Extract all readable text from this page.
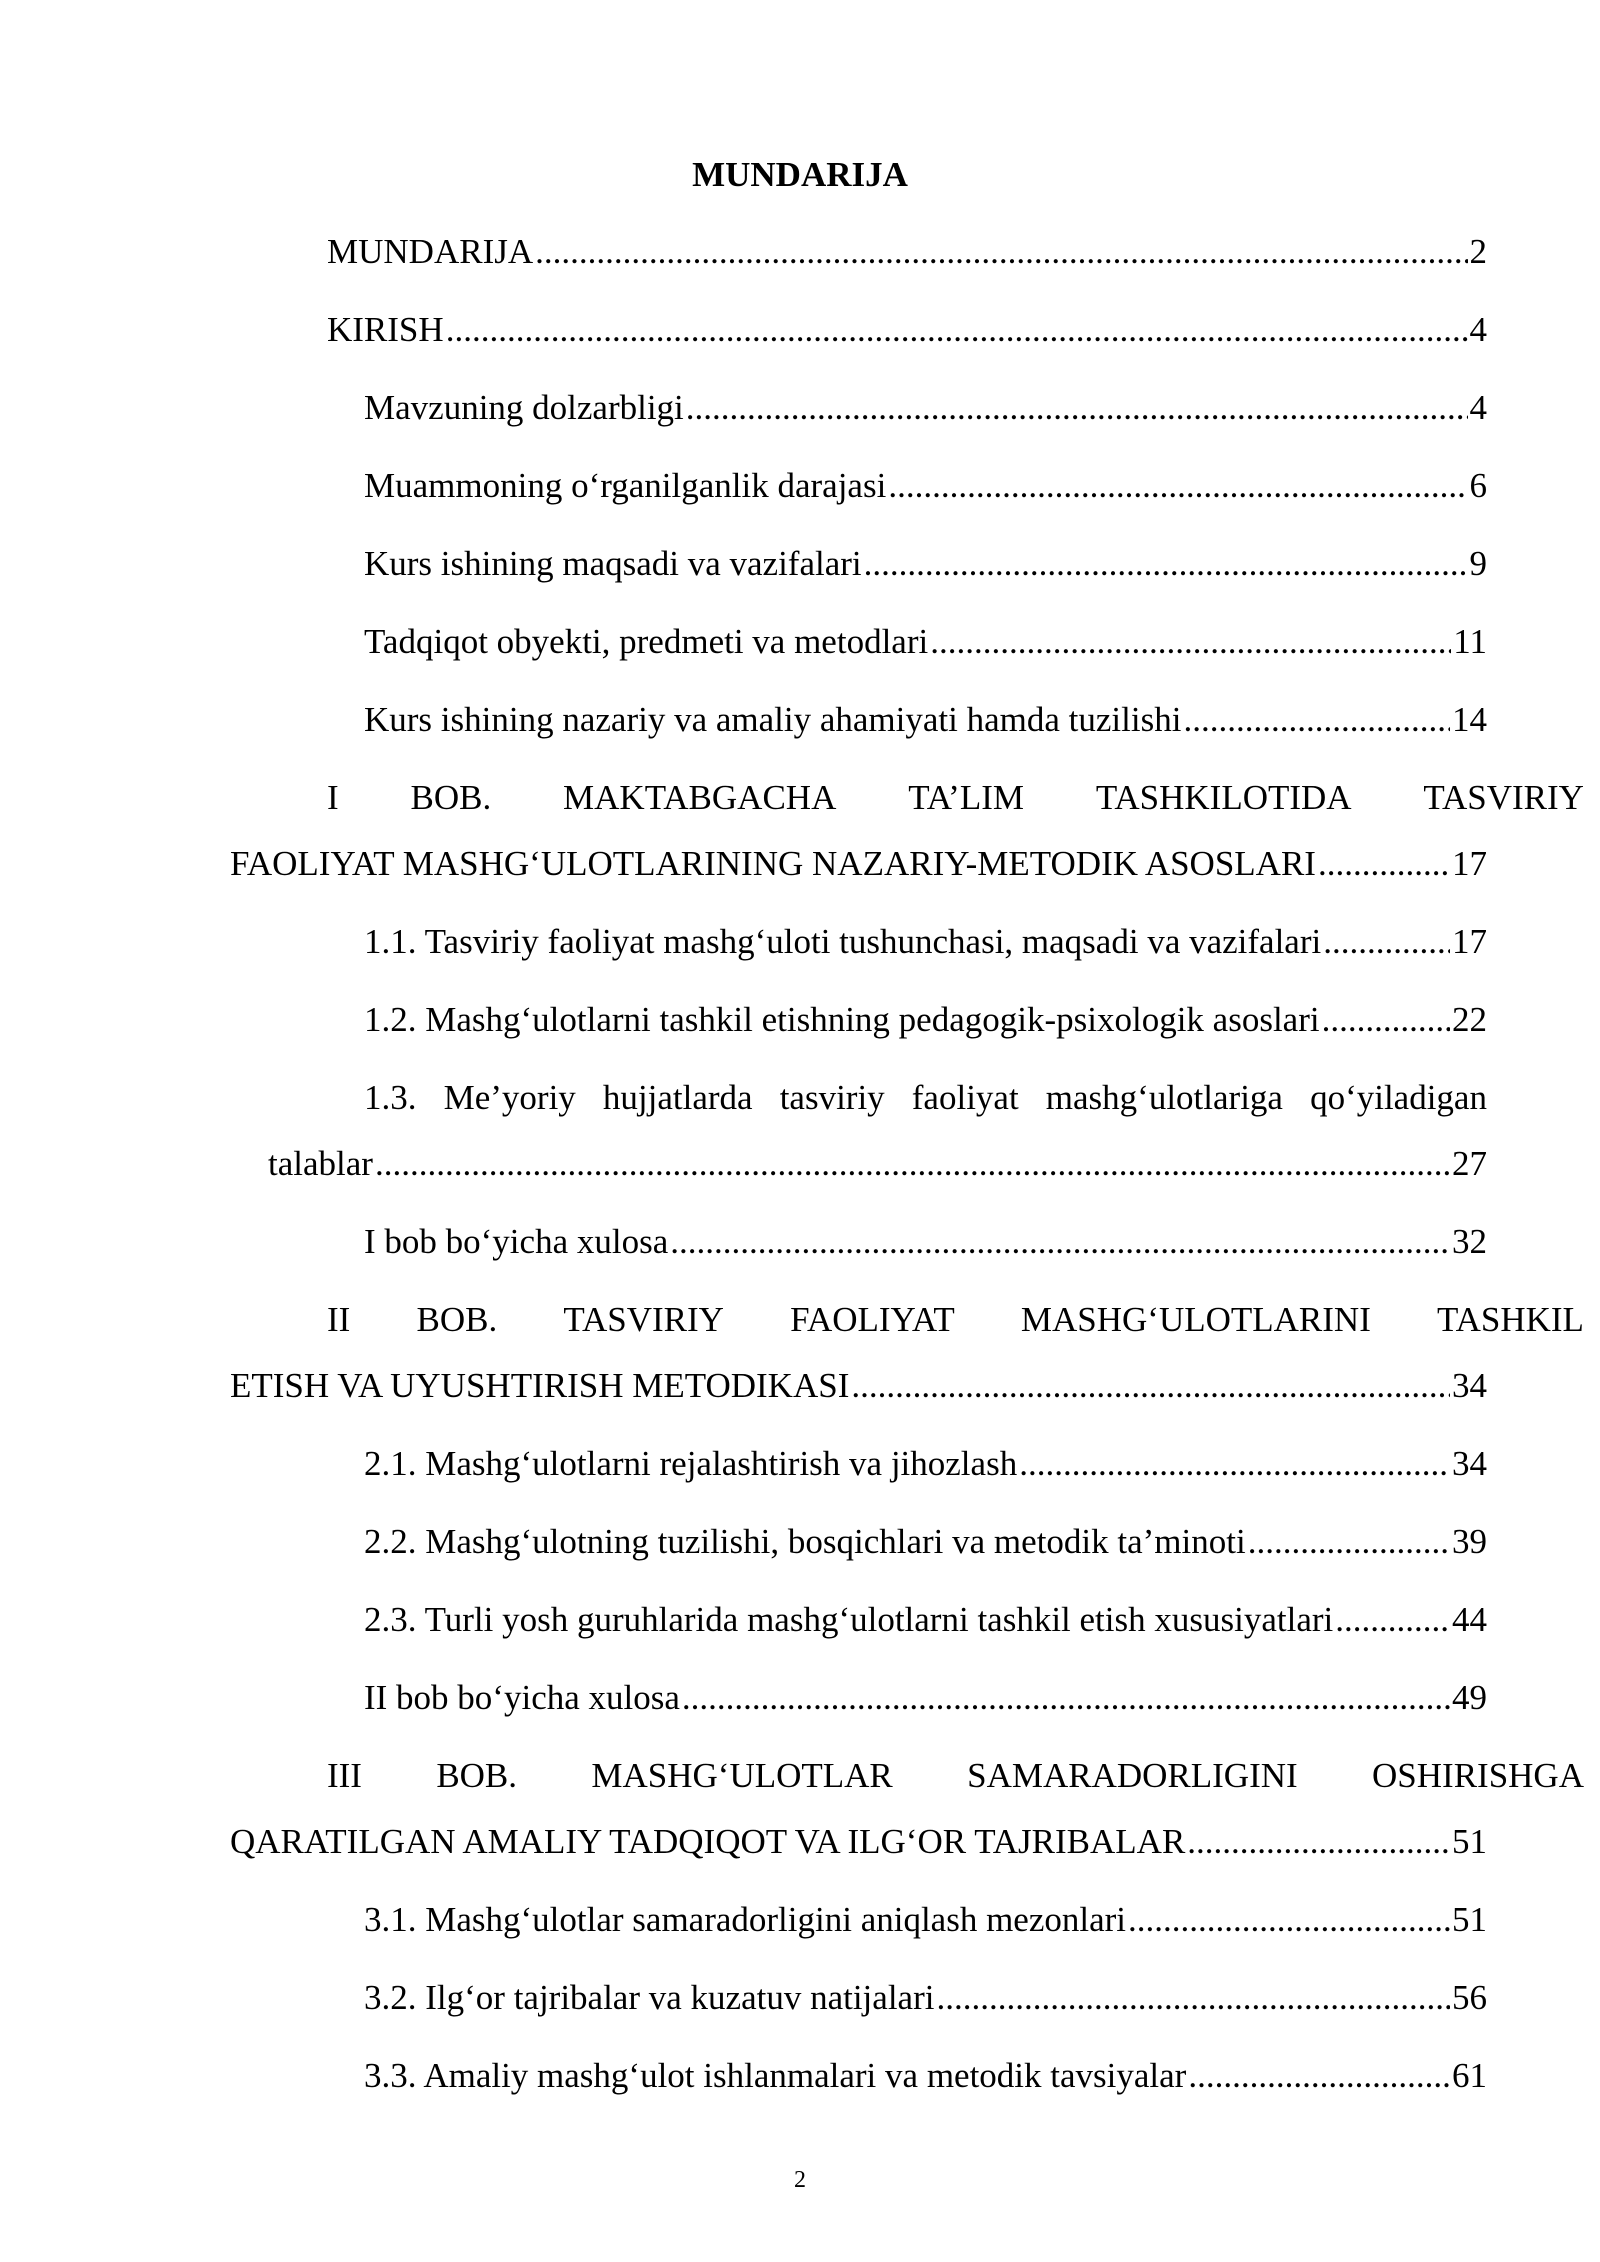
MUNDARIJA
MUNDARIJA .....	2
KIRISH .....	4
Mavzuning dolzarbligi .....	4
Muammoning o‘rganilganlik darajasi .....	6
Kurs ishining maqsadi va vazifalari .....	9
Tadqiqot obyekti, predmeti va metodlari .....	11
Kurs ishining nazariy va amaliy ahamiyati hamda tuzilishi .....	14
I BOB. MAKTABGACHA TA’LIM TASHKILOTIDA TASVIRIY
FAOLIYAT MASHG‘ULOTLARINING NAZARIY-METODIK ASOSLARI .....	17
1.1. Tasviriy faoliyat mashg‘uloti tushunchasi, maqsadi va vazifalari .....	17
1.2. Mashg‘ulotlarni tashkil etishning pedagogik-psixologik asoslari .....	22
1.3. Me’yoriy hujjatlarda tasviriy faoliyat mashg‘ulotlariga qo‘yiladigan
talablar .....	27
I bob bo‘yicha xulosa .....	32
II BOB. TASVIRIY FAOLIYAT MASHG‘ULOTLARINI TASHKIL
ETISH VA UYUSHTIRISH METODIKASI .....	34
2.1. Mashg‘ulotlarni rejalashtirish va jihozlash .....	34
2.2. Mashg‘ulotning tuzilishi, bosqichlari va metodik ta’minoti .....	39
2.3. Turli yosh guruhlarida mashg‘ulotlarni tashkil etish xususiyatlari .....	44
II bob bo‘yicha xulosa .....	49
III BOB. MASHG‘ULOTLAR SAMARADORLIGINI OSHIRISHGA
QARATILGAN AMALIY TADQIQOT VA ILG‘OR TAJRIBALAR .....	51
3.1. Mashg‘ulotlar samaradorligini aniqlash mezonlari .....	51
3.2. Ilg‘or tajribalar va kuzatuv natijalari .....	56
3.3. Amaliy mashg‘ulot ishlanmalari va metodik tavsiyalar .....	61
2
